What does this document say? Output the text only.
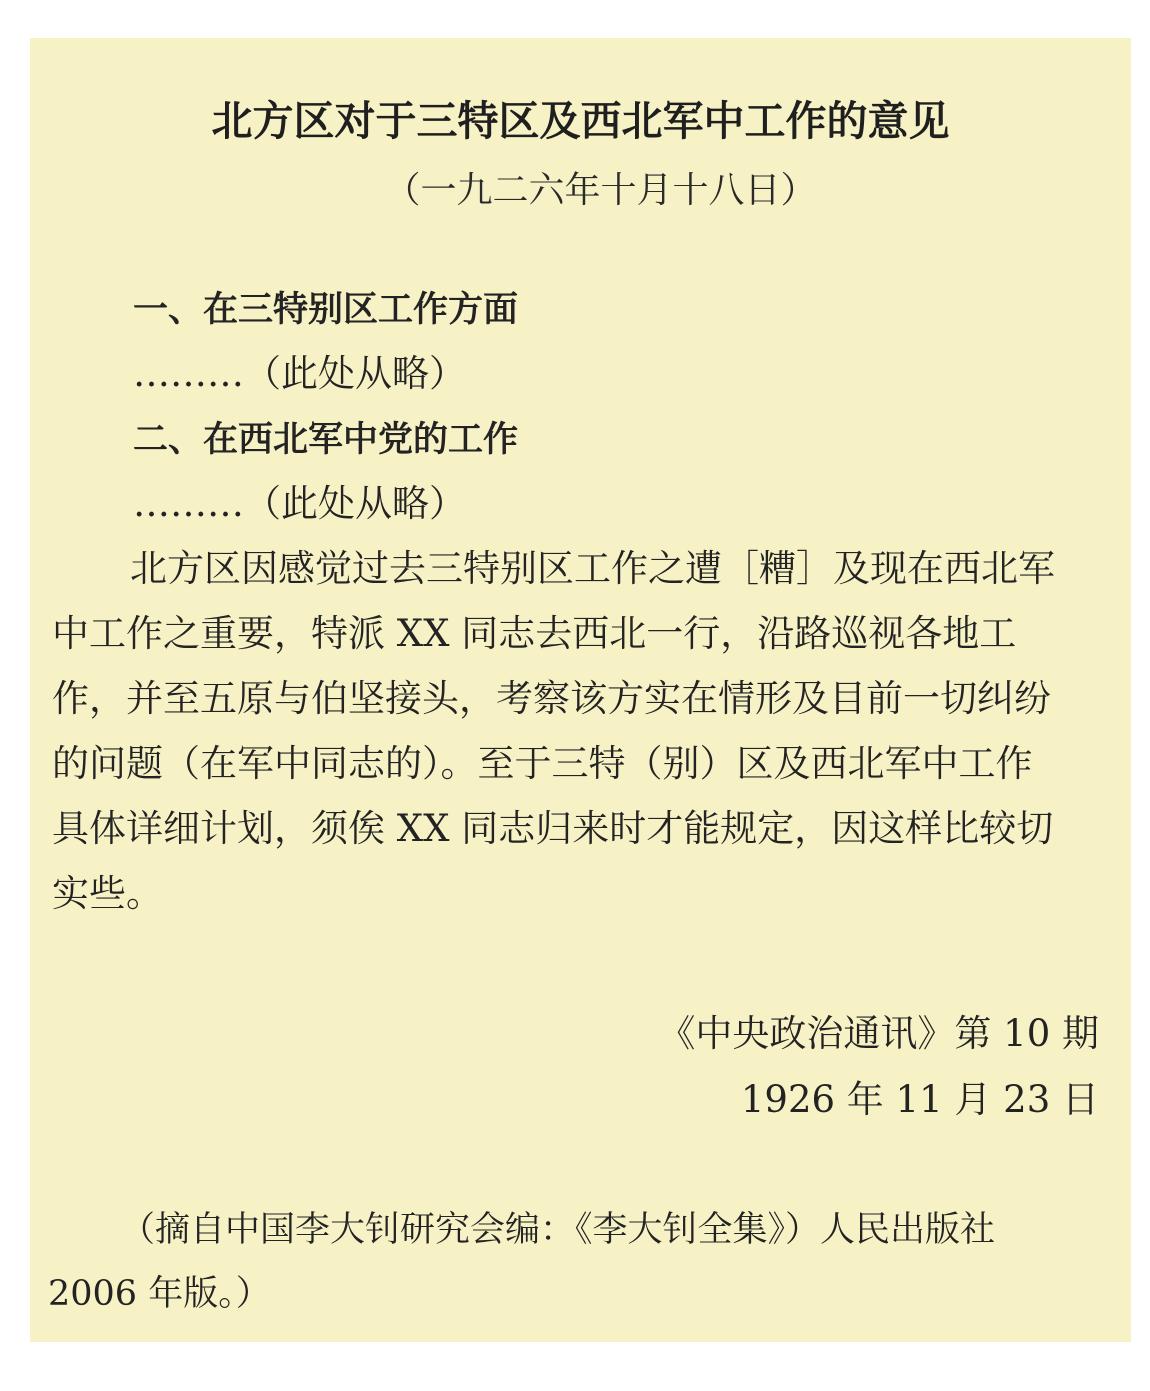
北方区对于三特区及西北军中工作的意见
（一九二六年十月十八日）
一、在三特别区工作方面
………（此处从略）
二、在西北军中党的工作
………（此处从略）
北方区因感觉过去三特别区工作之遭［糟］及现在西北军
中工作之重要，特派 XX 同志去西北一行，沿路巡视各地工
作，并至五原与伯坚接头，考察该方实在情形及目前一切纠纷
的问题（在军中同志的）。至于三特（别）区及西北军中工作
具体详细计划，须俟 XX 同志归来时才能规定，因这样比较切
实些。
《中央政治通讯》第 10 期
1926 年 11 月 23 日
（摘自中国李大钊研究会编：《李大钊全集》）人民出版社
2006 年版。）
